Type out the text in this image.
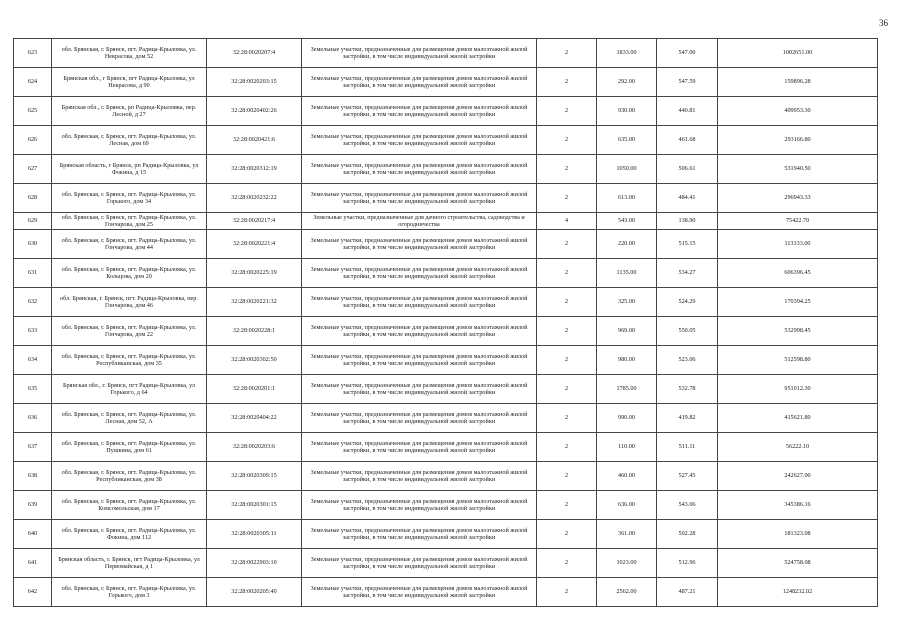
36
623	обл. Брянская, г. Брянск, пгт. Радица-Крыловка, ул. Некрасова, дом 52	32:28:0020207:4	Земельные участки, предназначенные для размещения домов малоэтажной жилой застройки, в том числе индивидуальной жилой застройки	2	1833.00	547.00	1002651.00
624	Брянская обл., г Брянск, пгт Радица-Крыловка, ул Некрасова, д 90	32:28:0020203:15	Земельные участки, предназначенные для размещения домов малоэтажной жилой застройки, в том числе индивидуальной жилой застройки	2	292.00	547.59	159896.28
625	Брянская обл., г. Брянск, рп Радица-Крыловка, пер. Лесной, д 27	32:28:0020402:26	Земельные участки, предназначенные для размещения домов малоэтажной жилой застройки, в том числе индивидуальной жилой застройки	2	930.00	440.81	409953.30
626	обл. Брянская, г. Брянск, пгт. Радица-Крыловка, ул. Лесная, дом 69	32:28:0020421:6	Земельные участки, предназначенные для размещения домов малоэтажной жилой застройки, в том числе индивидуальной жилой застройки	2	635.00	461.68	293166.80
627	Брянская область, г Брянск, рп Радица-Крыловка, ул Фокина, д 15	32:28:0020312:19	Земельные участки, предназначенные для размещения домов малоэтажной жилой застройки, в том числе индивидуальной жилой застройки	2	1050.00	506.61	531940.50
628	обл. Брянская, г. Брянск, пгт. Радица-Крыловка, ул. Горького, дом 34	32:28:0020232:22	Земельные участки, предназначенные для размещения домов малоэтажной жилой застройки, в том числе индивидуальной жилой застройки	2	613.00	484.41	296943.33
629	обл. Брянская, г. Брянск, пгт. Радица-Крыловка, ул. Гончарова, дом 25	32:28:0020217:4	Земельные участки, предназначенные для дачного строительства, садоводства и огородничества	4	543.00	138.90	75422.70
630	обл. Брянская, г. Брянск, пгт. Радица-Крыловка, ул. Гончарова, дом 44	32:28:0020221:4	Земельные участки, предназначенные для размещения домов малоэтажной жилой застройки, в том числе индивидуальной жилой застройки	2	220.00	515.15	113333.00
631	обл. Брянская, г. Брянск, пгт. Радица-Крыловка, ул. Кольцова, дом 20	32:28:0020225:19	Земельные участки, предназначенные для размещения домов малоэтажной жилой застройки, в том числе индивидуальной жилой застройки	2	1135.00	534.27	606396.45
632	обл. Брянская, г. Брянск, пгт. Радица-Крыловка, пер. Гончарова, дом 46	32:28:0020221:32	Земельные участки, предназначенные для размещения домов малоэтажной жилой застройки, в том числе индивидуальной жилой застройки	2	325.00	524.29	170394.25
633	обл. Брянская, г. Брянск, пгт. Радица-Крыловка, ул. Гончарова, дом 22	32:28:0020228:1	Земельные участки, предназначенные для размещения домов малоэтажной жилой застройки, в том числе индивидуальной жилой застройки	2	969.00	550.05	532998.45
634	обл. Брянская, г. Брянск, пгт. Радица-Крыловка, ул. Республиканская, дом 35	32:28:0020302:50	Земельные участки, предназначенные для размещения домов малоэтажной жилой застройки, в том числе индивидуальной жилой застройки	2	980.00	523.06	512598.80
635	Брянская обл., г. Брянск, пгт Радица-Крыловка, ул Горького, д 64	32:28:0020201:1	Земельные участки, предназначенные для размещения домов малоэтажной жилой застройки, в том числе индивидуальной жилой застройки	2	1785.00	532.78	951012.30
636	обл. Брянская, г. Брянск, пгт. Радица-Крыловка, ул. Лесная, дом 52, А	32:28:0020404:22	Земельные участки, предназначенные для размещения домов малоэтажной жилой застройки, в том числе индивидуальной жилой застройки	2	990.00	419.82	415621.80
637	обл. Брянская, г. Брянск, пгт. Радица-Крыловка, ул. Пушкина, дом 61	32:28:0020203:6	Земельные участки, предназначенные для размещения домов малоэтажной жилой застройки, в том числе индивидуальной жилой застройки	2	110.00	511.11	56222.10
638	обл. Брянская, г. Брянск, пгт. Радица-Крыловка, ул. Республиканская, дом 38	32:28:0020309:15	Земельные участки, предназначенные для размещения домов малоэтажной жилой застройки, в том числе индивидуальной жилой застройки	2	460.00	527.45	242627.00
639	обл. Брянская, г. Брянск, пгт. Радица-Крыловка, ул. Комсомольская, дом 17	32:28:0020301:15	Земельные участки, предназначенные для размещения домов малоэтажной жилой застройки, в том числе индивидуальной жилой застройки	2	636.00	543.06	345386.16
640	обл. Брянская, г. Брянск, пгт. Радица-Крыловка, ул. Фокина, дом 112	32:28:0020305:11	Земельные участки, предназначенные для размещения домов малоэтажной жилой застройки, в том числе индивидуальной жилой застройки	2	361.00	502.28	181323.08
641	Брянская область, г. Брянск, пгт Радица-Крыловка, ул Первомайская, д 1	32:28:0022903:10	Земельные участки, предназначенные для размещения домов малоэтажной жилой застройки, в том числе индивидуальной жилой застройки	2	1023.00	512.96	524758.08
642	обл. Брянская, г. Брянск, пгт. Радица-Крыловка, ул. Горького, дом 3	32:28:0020205:40	Земельные участки, предназначенные для размещения домов малоэтажной жилой застройки, в том числе индивидуальной жилой застройки	2	2562.00	487.21	1248232.02
